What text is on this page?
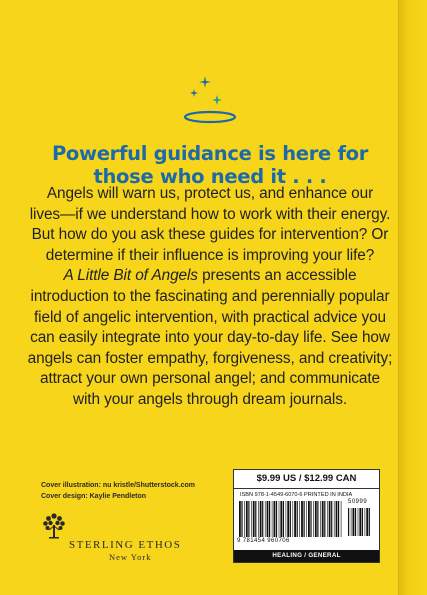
Powerful guidance is here for
those who need it . . .
Angels will warn us, protect us, and enhance our
lives—if we understand how to work with their energy.
But how do you ask these guides for intervention? Or
determine if their influence is improving your life?
A Little Bit of Angels presents an accessible
introduction to the fascinating and perennially popular
field of angelic intervention, with practical advice you
can easily integrate into your day-to-day life. See how
angels can foster empathy, forgiveness, and creativity;
attract your own personal angel; and communicate
with your angels through dream journals.
Cover illustration: nu kristle/Shutterstock.com
Cover design: Kaylie Pendleton
STERLING ETHOS
New York
$9.99 US / $12.99 CAN
ISBN 978-1-4549-6070-6 PRINTED IN INDIA
50999
9 781454 960706
HEALING / GENERAL
